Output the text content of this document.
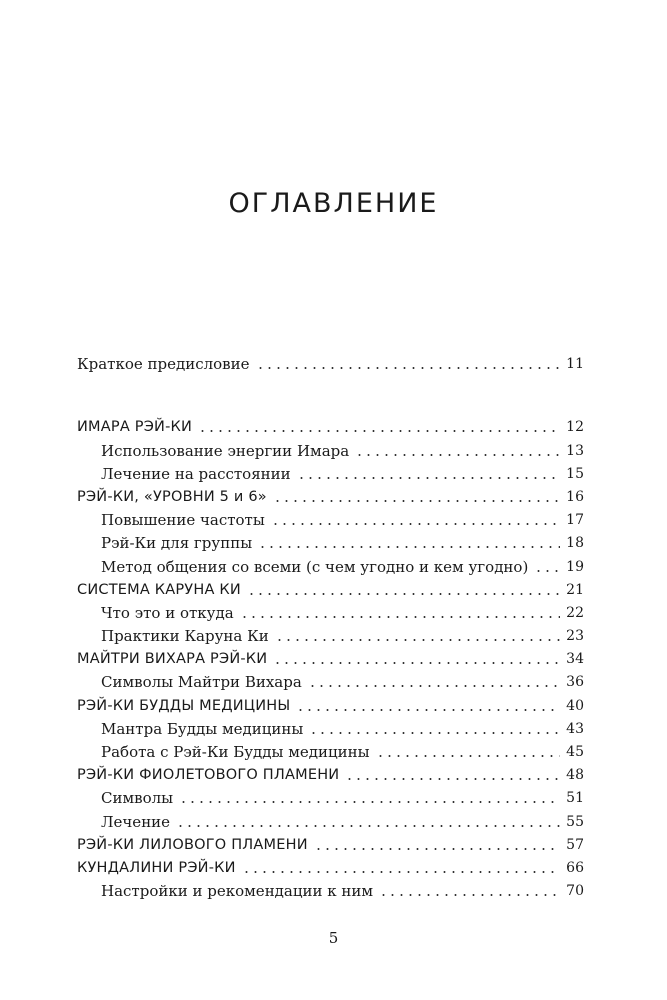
ОГЛАВЛЕНИЕ
Краткое предисловие	11
ИМАРА РЭЙ-КИ	12
Использование энергии Имара	13
Лечение на расстоянии	15
РЭЙ-КИ, «УРОВНИ 5 и 6»	16
Повышение частоты	17
Рэй-Ки для группы	18
Метод общения со всеми (с чем угодно и кем угодно)	19
СИСТЕМА КАРУНА КИ	21
Что это и откуда	22
Практики Каруна Ки	23
МАЙТРИ ВИХАРА РЭЙ-КИ	34
Символы Майтри Вихара	36
РЭЙ-КИ БУДДЫ МЕДИЦИНЫ	40
Мантра Будды медицины	43
Работа с Рэй-Ки Будды медицины	45
РЭЙ-КИ ФИОЛЕТОВОГО ПЛАМЕНИ	48
Символы	51
Лечение	55
РЭЙ-КИ ЛИЛОВОГО ПЛАМЕНИ	57
КУНДАЛИНИ РЭЙ-КИ	66
Настройки и рекомендации к ним	70

5
